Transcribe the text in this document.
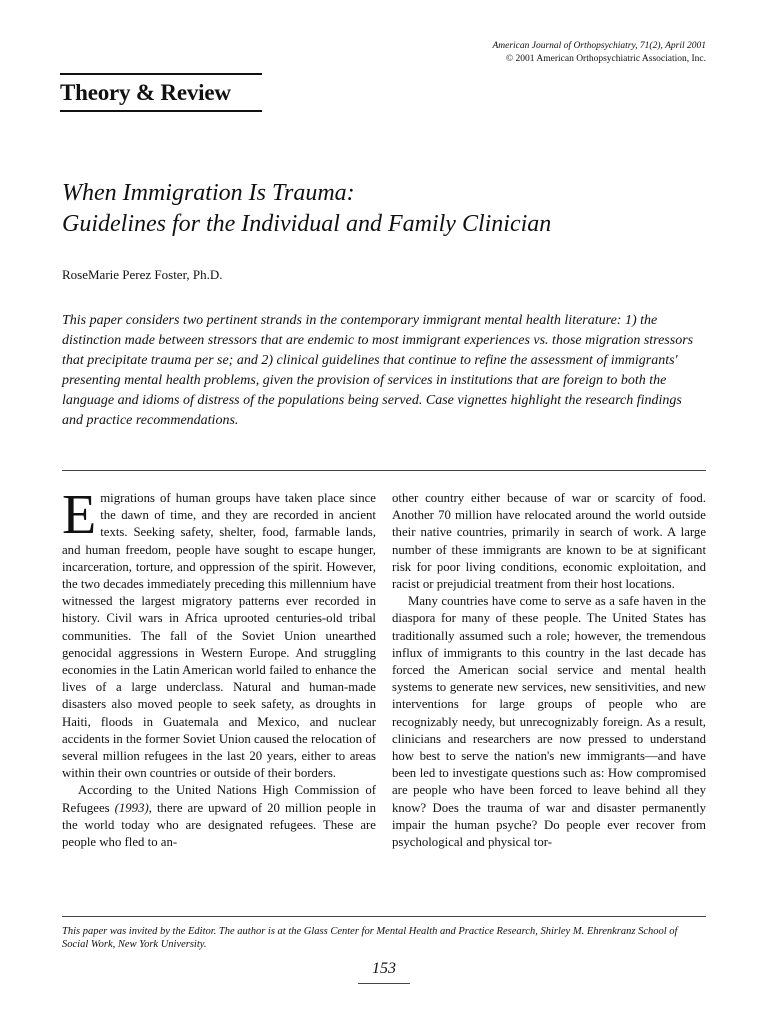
American Journal of Orthopsychiatry, 71(2), April 2001
© 2001 American Orthopsychiatric Association, Inc.
Theory & Review
When Immigration Is Trauma:
Guidelines for the Individual and Family Clinician
RoseMarie Perez Foster, Ph.D.
This paper considers two pertinent strands in the contemporary immigrant mental health literature: 1) the distinction made between stressors that are endemic to most immigrant experiences vs. those migration stressors that precipitate trauma per se; and 2) clinical guidelines that continue to refine the assessment of immigrants' presenting mental health problems, given the provision of services in institutions that are foreign to both the language and idioms of distress of the populations being served. Case vignettes highlight the research findings and practice recommendations.

Emigrations of human groups have taken place since the dawn of time, and they are recorded in ancient texts. Seeking safety, shelter, food, farmable lands, and human freedom, people have sought to escape hunger, incarceration, torture, and oppression of the spirit. However, the two decades immediately preceding this millennium have witnessed the largest migratory patterns ever recorded in history. Civil wars in Africa uprooted centuries-old tribal communities. The fall of the Soviet Union unearthed genocidal aggressions in Western Europe. And struggling economies in the Latin American world failed to enhance the lives of a large underclass. Natural and human-made disasters also moved people to seek safety, as droughts in Haiti, floods in Guatemala and Mexico, and nuclear accidents in the former Soviet Union caused the relocation of several million refugees in the last 20 years, either to areas within their own countries or outside of their borders.

According to the United Nations High Commission of Refugees (1993), there are upward of 20 million people in the world today who are designated refugees. These are people who fled to an-

other country either because of war or scarcity of food. Another 70 million have relocated around the world outside their native countries, primarily in search of work. A large number of these immigrants are known to be at significant risk for poor living conditions, economic exploitation, and racist or prejudicial treatment from their host locations.

Many countries have come to serve as a safe haven in the diaspora for many of these people. The United States has traditionally assumed such a role; however, the tremendous influx of immigrants to this country in the last decade has forced the American social service and mental health systems to generate new services, new sensitivities, and new interventions for large groups of people who are recognizably needy, but unrecognizably foreign. As a result, clinicians and researchers are now pressed to understand how best to serve the nation's new immigrants—and have been led to investigate questions such as: How compromised are people who have been forced to leave behind all they know? Does the trauma of war and disaster permanently impair the human psyche? Do people ever recover from psychological and physical tor-

This paper was invited by the Editor. The author is at the Glass Center for Mental Health and Practice Research, Shirley M. Ehrenkranz School of Social Work, New York University.
153
